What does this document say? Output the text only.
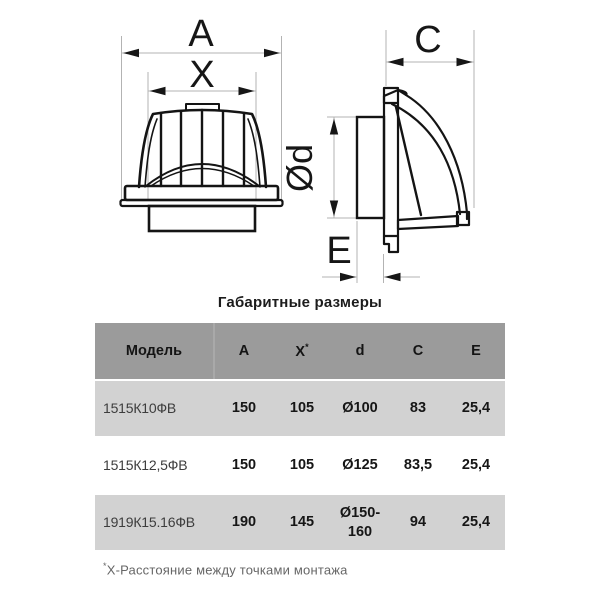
A
X
C
Ød
E
Габаритные размеры
Модель	A	X*	d	C	E
1515К10ФВ	150	105	Ø100	83	25,4
1515К12,5ФВ	150	105	Ø125	83,5	25,4
1919К15.16ФВ	190	145	Ø150-160	94	25,4
*X-Расстояние между точками монтажа
